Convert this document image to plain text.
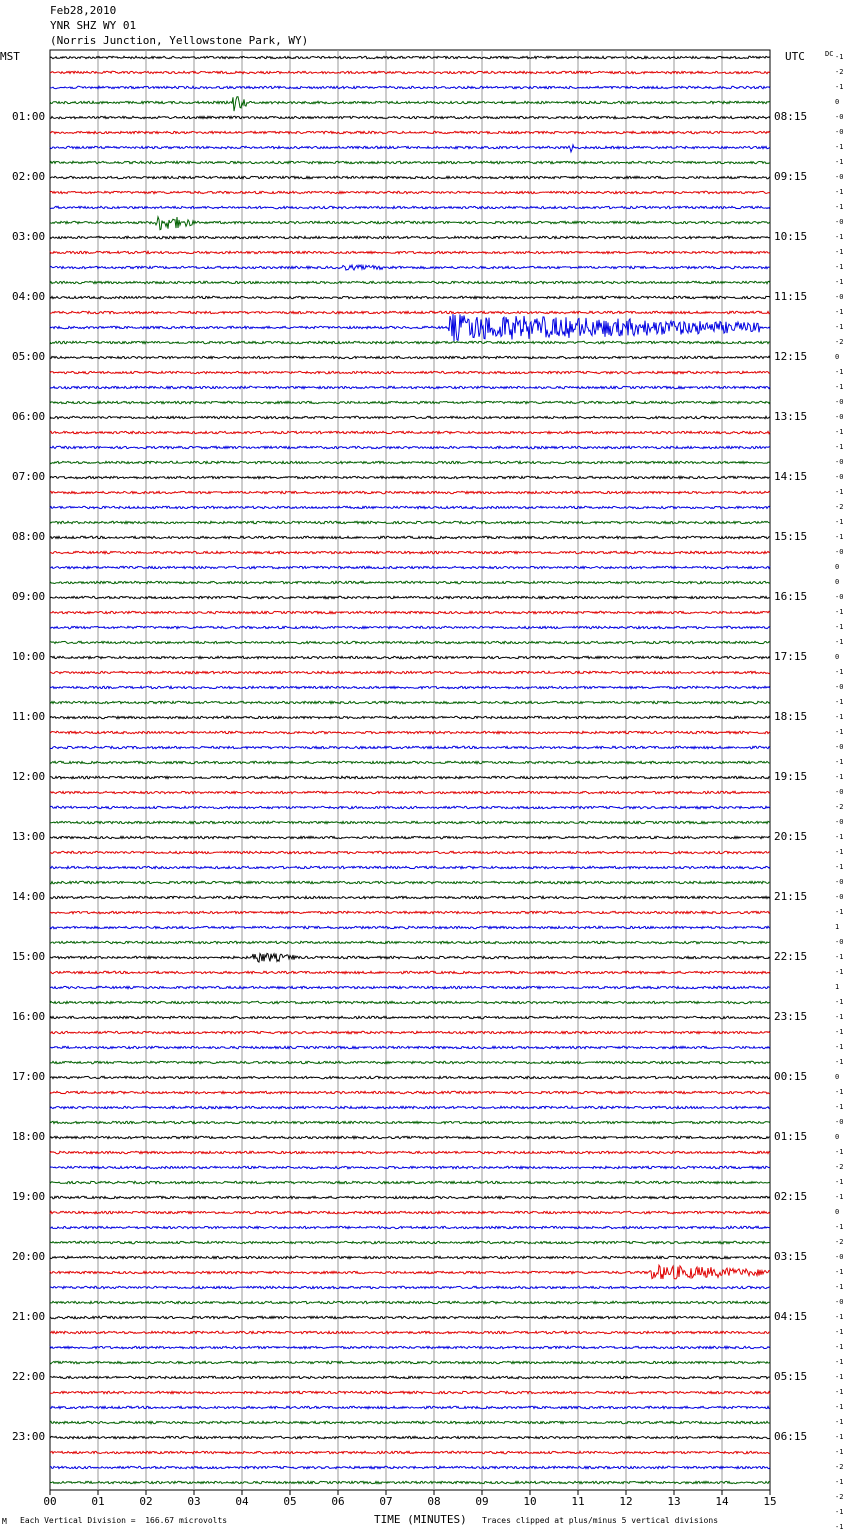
Feb28,2010
YNR SHZ WY 01
(Norris Junction, Yellowstone Park, WY)
MST	UTC	DC
00	01	02	03	04	05	06	07	08	09	10	11	12	13	14	15
01:00
02:00
03:00
04:00
05:00
06:00
07:00
08:00
09:00
10:00
11:00
12:00
13:00
14:00
15:00
16:00
17:00
18:00
19:00
20:00
21:00
22:00
23:00
08:15
09:15
10:15
11:15
12:15
13:15
14:15
15:15
16:15
17:15
18:15
19:15
20:15
21:15
22:15
23:15
00:15
01:15
02:15
03:15
04:15
05:15
06:15
-1
-2
-1
0
-0
-0
-1
-1
-0
-1
-1
-0
-1
-1
-1
-1
-0
-1
-1
-2
0
-1
-1
-0
-0
-1
-1
-0
-0
-1
-2
-1
-1
-0
0
0
-0
-1
-1
-1
0
-1
-0
-1
-1
-1
-0
-1
-1
-0
-2
-0
-1
-1
-1
-0
-0
-1
1
-0
-1
-1
1
-1
-1
-1
-1
-1
0
-1
-1
-0
0
-1
-2
-1
-1
0
-1
-2
-0
-1
-1
-0
-1
-1
-1
-1
-1
-1
-1
-1
-1
-1
-2
-1
-2
-1
-1
M Each Vertical Division =  166.67 microvolts	TIME (MINUTES) Traces clipped at plus/minus 5 vertical divisions
